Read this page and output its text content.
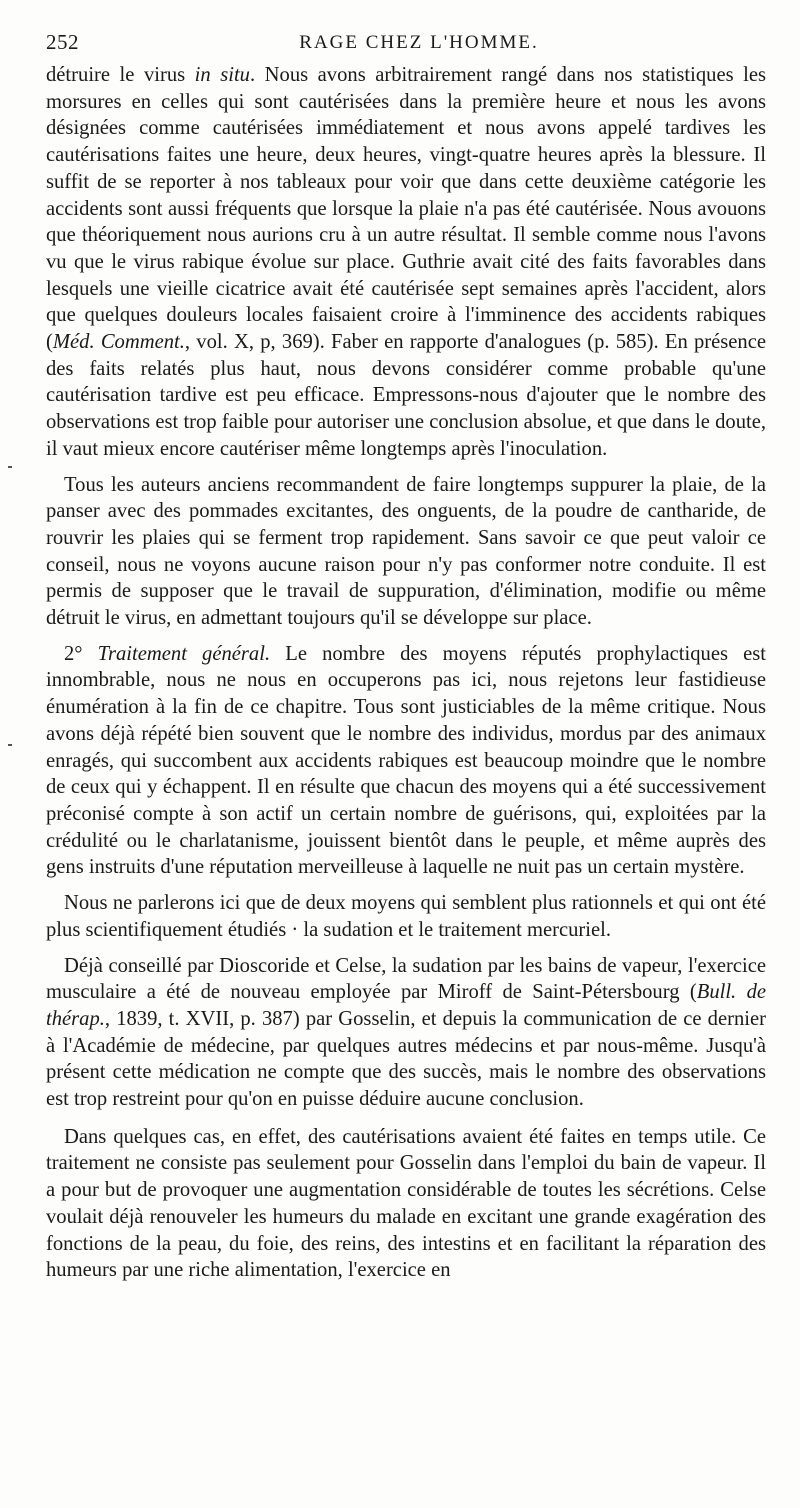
252	RAGE CHEZ L'HOMME.

détruire le virus in situ. Nous avons arbitrairement rangé dans nos statistiques les morsures en celles qui sont cautérisées dans la première heure et nous les avons désignées comme cautérisées immédiatement et nous avons appelé tardives les cautérisations faites une heure, deux heures, vingt-quatre heures après la blessure. Il suffit de se reporter à nos tableaux pour voir que dans cette deuxième catégorie les accidents sont aussi fréquents que lorsque la plaie n'a pas été cautérisée. Nous avouons que théoriquement nous aurions cru à un autre résultat. Il semble comme nous l'avons vu que le virus rabique évolue sur place. Guthrie avait cité des faits favorables dans lesquels une vieille cicatrice avait été cautérisée sept semaines après l'accident, alors que quelques douleurs locales faisaient croire à l'imminence des accidents rabiques (Méd. Comment., vol. X, p, 369). Faber en rapporte d'analogues (p. 585). En présence des faits relatés plus haut, nous devons considérer comme probable qu'une cautérisation tardive est peu efficace. Empressons-nous d'ajouter que le nombre des observations est trop faible pour autoriser une conclusion absolue, et que dans le doute, il vaut mieux encore cautériser même longtemps après l'inoculation.

Tous les auteurs anciens recommandent de faire longtemps suppurer la plaie, de la panser avec des pommades excitantes, des onguents, de la poudre de cantharide, de rouvrir les plaies qui se ferment trop rapidement. Sans savoir ce que peut valoir ce conseil, nous ne voyons aucune raison pour n'y pas conformer notre conduite. Il est permis de supposer que le travail de suppuration, d'élimination, modifie ou même détruit le virus, en admettant toujours qu'il se développe sur place.

2° Traitement général. Le nombre des moyens réputés prophylactiques est innombrable, nous ne nous en occuperons pas ici, nous rejetons leur fastidieuse énumération à la fin de ce chapitre. Tous sont justiciables de la même critique. Nous avons déjà répété bien souvent que le nombre des individus, mordus par des animaux enragés, qui succombent aux accidents rabiques est beaucoup moindre que le nombre de ceux qui y échappent. Il en résulte que chacun des moyens qui a été successivement préconisé compte à son actif un certain nombre de guérisons, qui, exploitées par la crédulité ou le charlatanisme, jouissent bientôt dans le peuple, et même auprès des gens instruits d'une réputation merveilleuse à laquelle ne nuit pas un certain mystère.

Nous ne parlerons ici que de deux moyens qui semblent plus rationnels et qui ont été plus scientifiquement étudiés · la sudation et le traitement mercuriel.

Déjà conseillé par Dioscoride et Celse, la sudation par les bains de vapeur, l'exercice musculaire a été de nouveau employée par Miroff de Saint-Pétersbourg (Bull. de thérap., 1839, t. XVII, p. 387) par Gosselin, et depuis la communication de ce dernier à l'Académie de médecine, par quelques autres médecins et par nous-même. Jusqu'à présent cette médication ne compte que des succès, mais le nombre des observations est trop restreint pour qu'on en puisse déduire aucune conclusion.

Dans quelques cas, en effet, des cautérisations avaient été faites en temps utile. Ce traitement ne consiste pas seulement pour Gosselin dans l'emploi du bain de vapeur. Il a pour but de provoquer une augmentation considérable de toutes les sécrétions. Celse voulait déjà renouveler les humeurs du malade en excitant une grande exagération des fonctions de la peau, du foie, des reins, des intestins et en facilitant la réparation des humeurs par une riche alimentation, l'exercice en
